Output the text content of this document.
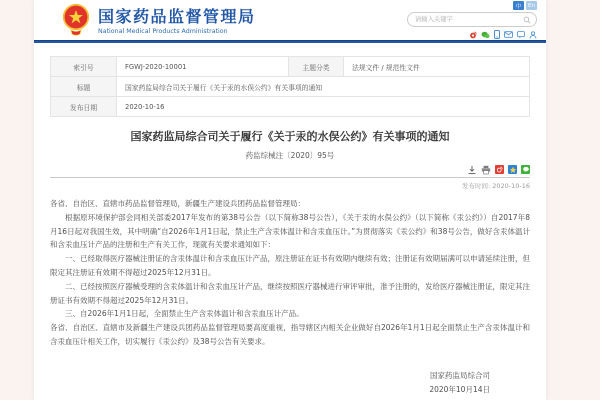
国家药品监督管理局
National Medical Products Administration
中	En
请输入关键字
索引号	FGWJ-2020-10001	主题分类	法规文件 / 规范性文件
标题	国家药监局综合司关于履行《关于汞的水俣公约》有关事项的通知		
发布日期	2020-10-16		
国家药监局综合司关于履行《关于汞的水俣公约》有关事项的通知
药监综械注〔2020〕95号
发布时间: 2020-10-16

各省、自治区、直辖市药品监督管理局，新疆生产建设兵团药品监督管理局：

根据原环境保护部会同相关部委2017年发布的第38号公告（以下简称38号公告），《关于汞的水俣公约》（以下简称《汞公约》）自2017年8月16日起对我国生效，其中明确“自2026年1月1日起，禁止生产含汞体温计和含汞血压计。”为贯彻落实《汞公约》和38号公告，做好含汞体温计和含汞血压计产品的注册和生产有关工作，现就有关要求通知如下：

一、已经取得医疗器械注册证的含汞体温计和含汞血压计产品，原注册证在证书有效期内继续有效；注册证有效期届满可以申请延续注册，但限定其注册证有效期不得超过2025年12月31日。

二、已经按照医疗器械受理的含汞体温计和含汞血压计产品，继续按照医疗器械进行审评审批，准予注册的，发给医疗器械注册证，限定其注册证书有效期不得超过2025年12月31日。

三、自2026年1月1日起，全面禁止生产含汞体温计和含汞血压计产品。

各省、自治区、直辖市及新疆生产建设兵团药品监督管理局要高度重视，指导辖区内相关企业做好自2026年1月1日起全面禁止生产含汞体温计和含汞血压计相关工作，切实履行《汞公约》及38号公告有关要求。

国家药监局综合司
2020年10月14日
